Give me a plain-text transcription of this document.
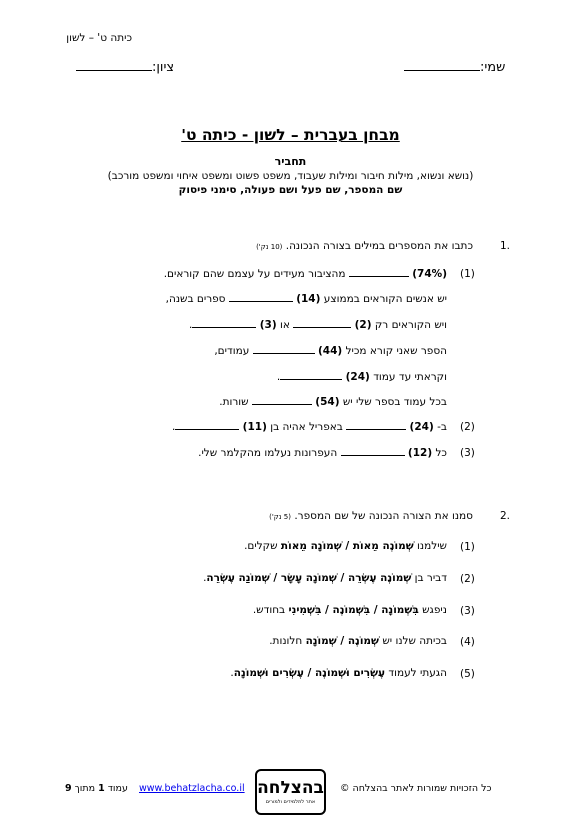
כיתה ט' – לשון
שמי:
ציון:
מבחן בעברית – לשון - כיתה ט'
תחביר
(נושא ונשוא, מילות חיבור ומילות שעבוד, משפט פשוט ומשפט איחוי ומשפט מורכב)
שם המספר, שם פעל ושם פעולה, סימני פיסוק
1.
כתבו את המספרים במילים בצורה הנכונה. (10 נק')
(1)
(74%)  מהציבור מעידים על עצמם שהם קוראים.
יש אנשים הקוראים בממוצע (14)  ספרים בשנה,
ויש הקוראים רק (2)  או (3) .
הספר שאני קורא מכיל (44)  עמודים,
וקראתי עד עמוד (24) .
בכל עמוד בספר שלי יש (54)  שורות.
(2)
ב- (24)  באפריל אהיה בן (11) .
(3)
כל (12)  העפרונות נעלמו מהקלמר שלי.
2.
סמנו את הצורה הנכונה של שם המספר. (5 נק')
(1)
שילמנו שְׁמוֹנֶה מֵאוֹת / שְׁמוֹנָה מֵאוֹת שקלים.
(2)
דביר בן שְׁמוֹנֶה עֶשְׂרֵה / שְׁמוֹנָה עָשָׂר / שְׁמוֹנַה עֶשְׂרֵה.
(3)
ניפגש בִּשְׁמוֹנָה / בִּשְׁמוֹנֶה / בִּשְׁמִינִי בחודש.
(4)
בכיתה שלנו יש שְׁמוֹנֶה / שְׁמוֹנָה חלונות.
(5)
הגעתי לעמוד עֶשְׂרִים וּשְׁמוֹנֶה / עֶשְׂרִים וּשְׁמוֹנָה.
כל הזכויות שמורות לאתר בהצלחה ©
בהצלחה
אתר לתלמידים ולמורים
www.behatzlacha.co.il
עמוד 1 מתוך 9
